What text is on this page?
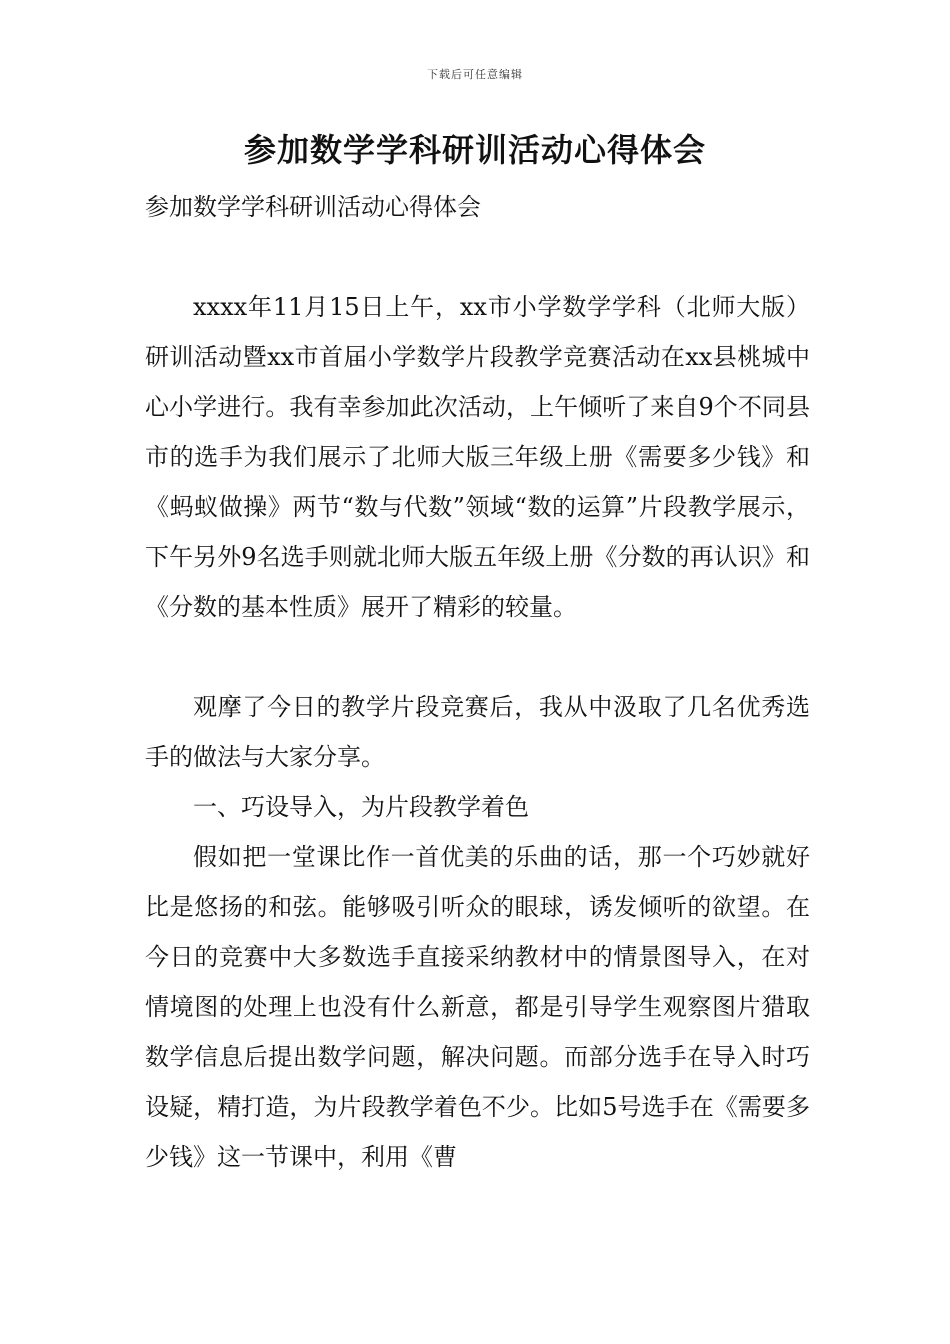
下载后可任意编辑
参加数学学科研训活动心得体会

参加数学学科研训活动心得体会

xxxx年11月15日上午，xx市小学数学学科（北师大版）研训活动暨xx市首届小学数学片段教学竞赛活动在xx县桃城中心小学进行。我有幸参加此次活动，上午倾听了来自9个不同县市的选手为我们展示了北师大版三年级上册《需要多少钱》和《蚂蚁做操》两节“数与代数”领域“数的运算”片段教学展示，下午另外9名选手则就北师大版五年级上册《分数的再认识》和《分数的基本性质》展开了精彩的较量。

观摩了今日的教学片段竞赛后，我从中汲取了几名优秀选手的做法与大家分享。

一、巧设导入，为片段教学着色

假如把一堂课比作一首优美的乐曲的话，那一个巧妙就好比是悠扬的和弦。能够吸引听众的眼球，诱发倾听的欲望。在今日的竞赛中大多数选手直接采纳教材中的情景图导入，在对情境图的处理上也没有什么新意，都是引导学生观察图片猎取数学信息后提出数学问题，解决问题。而部分选手在导入时巧设疑，精打造，为片段教学着色不少。比如5号选手在《需要多少钱》这一节课中，利用《曹
